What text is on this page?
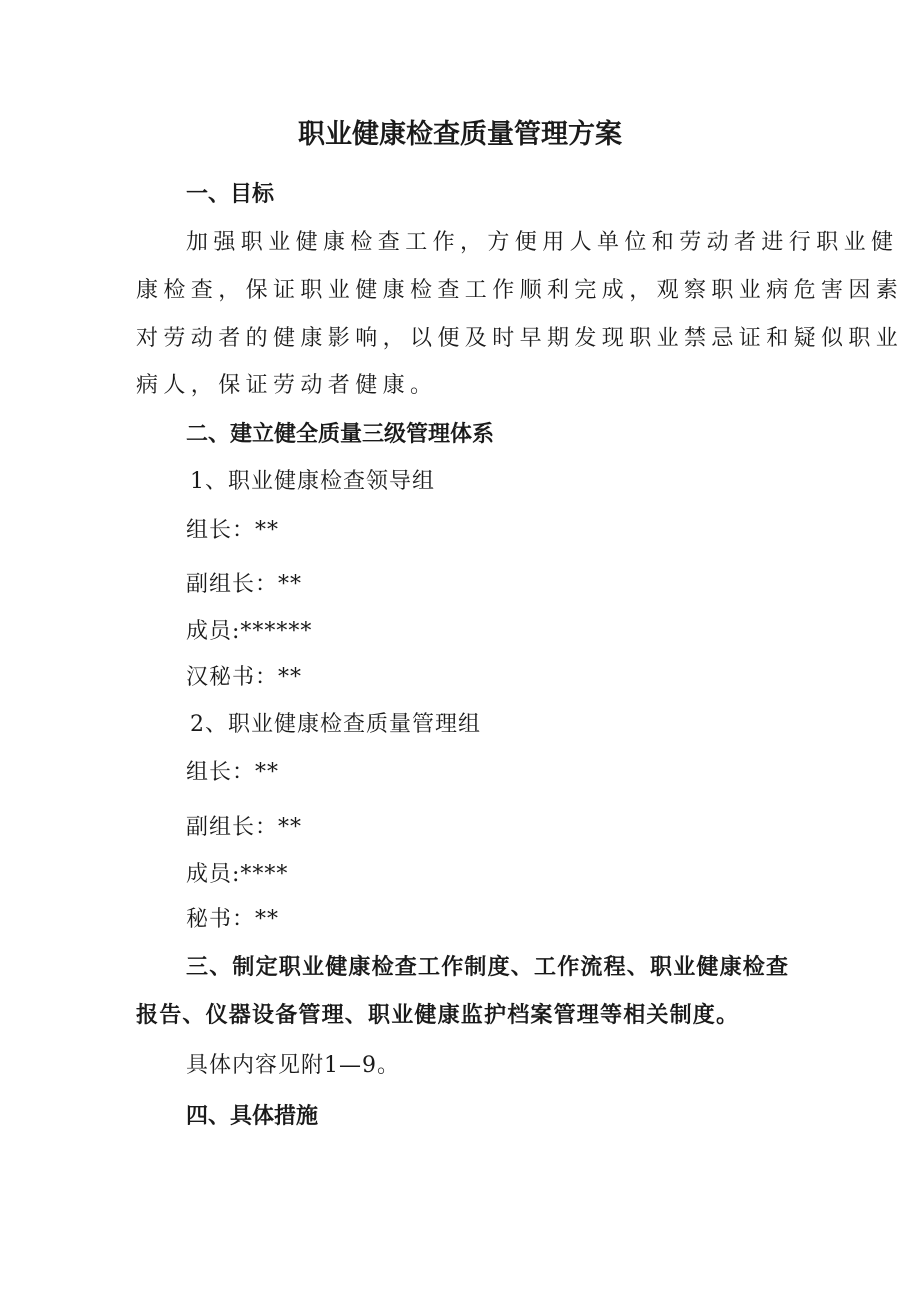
职业健康检查质量管理方案
一、目标
加强职业健康检查工作，方便用人单位和劳动者进行职业健
康检查，保证职业健康检查工作顺利完成，观察职业病危害因素
对劳动者的健康影响，以便及时早期发现职业禁忌证和疑似职业
病人，保证劳动者健康。
二、建立健全质量三级管理体系
1、职业健康检查领导组
组长：**
副组长：**
成员:******
汉秘书：**
2、职业健康检查质量管理组
组长：**
副组长：**
成员:****
秘书：**
三、制定职业健康检查工作制度、工作流程、职业健康检查
报告、仪器设备管理、职业健康监护档案管理等相关制度。
具体内容见附1—9。
四、具体措施
